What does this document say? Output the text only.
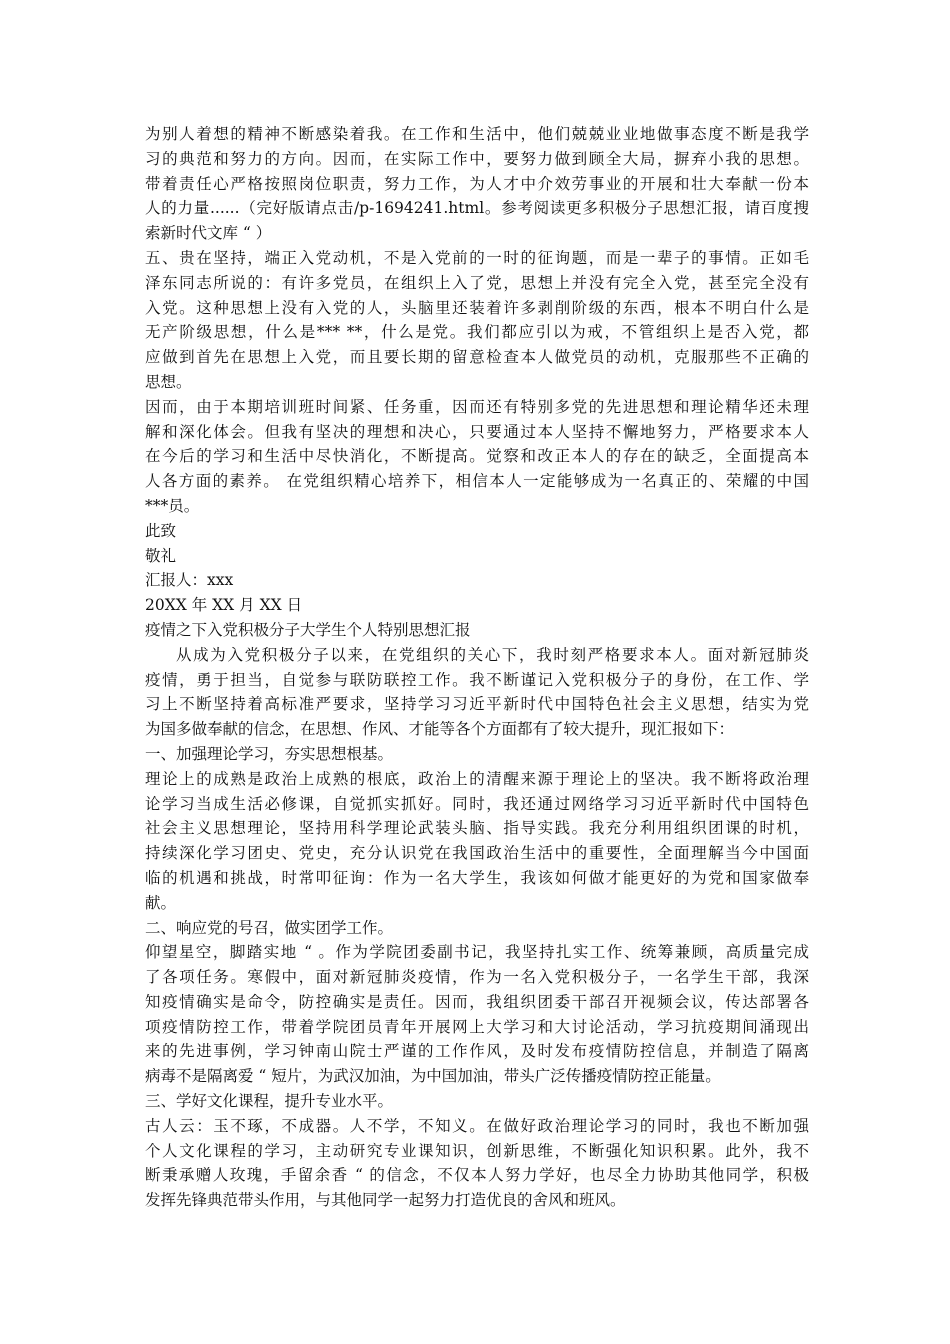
为别人着想的精神不断感染着我。在工作和生活中，他们兢兢业业地做事态度不断是我学
习的典范和努力的方向。因而，在实际工作中，要努力做到顾全大局，摒弃小我的思想。
带着责任心严格按照岗位职责，努力工作，为人才中介效劳事业的开展和壮大奉献一份本
人的力量......（完好版请点击/p-1694241.html。参考阅读更多积极分子思想汇报，请百度搜
索新时代文库 “ ）
五、贵在坚持，端正入党动机，不是入党前的一时的征询题，而是一辈子的事情。正如毛
泽东同志所说的：有许多党员，在组织上入了党，思想上并没有完全入党，甚至完全没有
入党。这种思想上没有入党的人，头脑里还装着许多剥削阶级的东西，根本不明白什么是
无产阶级思想，什么是*** **，什么是党。我们都应引以为戒，不管组织上是否入党，都
应做到首先在思想上入党，而且要长期的留意检查本人做党员的动机，克服那些不正确的
思想。
因而，由于本期培训班时间紧、任务重，因而还有特别多党的先进思想和理论精华还未理
解和深化体会。但我有坚决的理想和决心，只要通过本人坚持不懈地努力，严格要求本人
在今后的学习和生活中尽快消化，不断提高。觉察和改正本人的存在的缺乏，全面提高本
人各方面的素养。 在党组织精心培养下，相信本人一定能够成为一名真正的、荣耀的中国
***员。
此致
敬礼
汇报人：xxx
20XX 年 XX 月 XX 日
疫情之下入党积极分子大学生个人特别思想汇报
从成为入党积极分子以来，在党组织的关心下，我时刻严格要求本人。面对新冠肺炎
疫情，勇于担当，自觉参与联防联控工作。我不断谨记入党积极分子的身份，在工作、学
习上不断坚持着高标准严要求，坚持学习习近平新时代中国特色社会主义思想，结实为党
为国多做奉献的信念，在思想、作风、才能等各个方面都有了较大提升，现汇报如下：
一、加强理论学习，夯实思想根基。
理论上的成熟是政治上成熟的根底，政治上的清醒来源于理论上的坚决。我不断将政治理
论学习当成生活必修课，自觉抓实抓好。同时，我还通过网络学习习近平新时代中国特色
社会主义思想理论，坚持用科学理论武装头脑、指导实践。我充分利用组织团课的时机，
持续深化学习团史、党史，充分认识党在我国政治生活中的重要性，全面理解当今中国面
临的机遇和挑战，时常叩征询：作为一名大学生，我该如何做才能更好的为党和国家做奉
献。
二、响应党的号召，做实团学工作。
仰望星空，脚踏实地 “ 。作为学院团委副书记，我坚持扎实工作、统筹兼顾，高质量完成
了各项任务。寒假中，面对新冠肺炎疫情，作为一名入党积极分子，一名学生干部，我深
知疫情确实是命令，防控确实是责任。因而，我组织团委干部召开视频会议，传达部署各
项疫情防控工作，带着学院团员青年开展网上大学习和大讨论活动，学习抗疫期间涌现出
来的先进事例，学习钟南山院士严谨的工作作风，及时发布疫情防控信息，并制造了隔离
病毒不是隔离爱 “ 短片，为武汉加油，为中国加油，带头广泛传播疫情防控正能量。
三、学好文化课程，提升专业水平。
古人云：玉不琢，不成器。人不学，不知义。在做好政治理论学习的同时，我也不断加强
个人文化课程的学习，主动研究专业课知识，创新思维，不断强化知识积累。此外，我不
断秉承赠人玫瑰，手留余香 “ 的信念，不仅本人努力学好，也尽全力协助其他同学，积极
发挥先锋典范带头作用，与其他同学一起努力打造优良的舍风和班风。
